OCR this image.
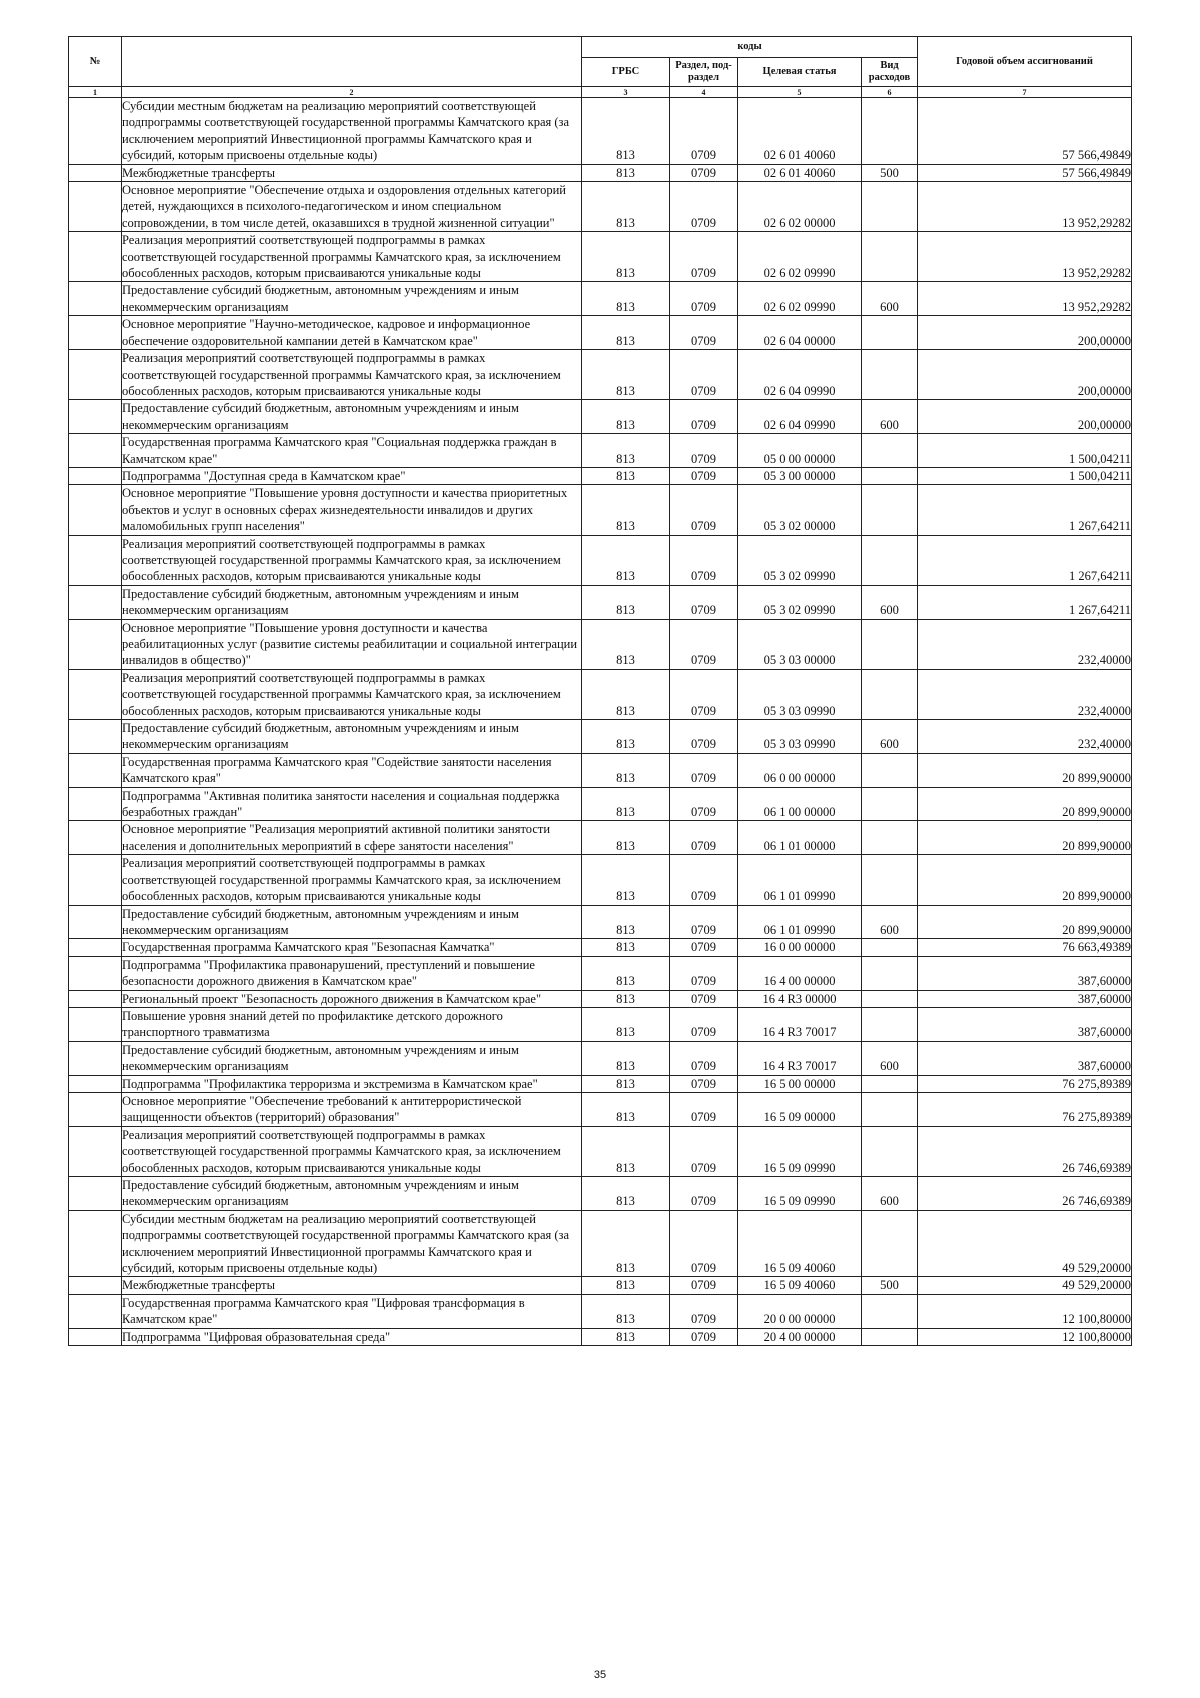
№		коды				Годовой объем ассигнований
		ГРБС	Раздел, под-раздел	Целевая статья	Вид расходов	
1	2	3	4	5	6	7
	Субсидии местным бюджетам на реализацию мероприятий соответствующей подпрограммы соответствующей государственной программы Камчатского края (за исключением мероприятий Инвестиционной программы Камчатского края и субсидий, которым присвоены отдельные коды)	813	0709	02 6 01 40060		57 566,49849
	Межбюджетные трансферты	813	0709	02 6 01 40060	500	57 566,49849
	Основное мероприятие "Обеспечение отдыха и оздоровления отдельных категорий детей, нуждающихся в психолого-педагогическом и ином специальном сопровождении, в том числе детей, оказавшихся в трудной жизненной ситуации"	813	0709	02 6 02 00000		13 952,29282
	Реализация мероприятий соответствующей подпрограммы в рамках соответствующей государственной программы Камчатского края, за исключением обособленных расходов, которым присваиваются уникальные коды	813	0709	02 6 02 09990		13 952,29282
	Предоставление субсидий бюджетным, автономным учреждениям и иным некоммерческим организациям	813	0709	02 6 02 09990	600	13 952,29282
	Основное мероприятие "Научно-методическое, кадровое и информационное обеспечение оздоровительной кампании детей в Камчатском крае"	813	0709	02 6 04 00000		200,00000
	Реализация мероприятий соответствующей подпрограммы в рамках соответствующей государственной программы Камчатского края, за исключением обособленных расходов, которым присваиваются уникальные коды	813	0709	02 6 04 09990		200,00000
	Предоставление субсидий бюджетным, автономным учреждениям и иным некоммерческим организациям	813	0709	02 6 04 09990	600	200,00000
	Государственная программа Камчатского края "Социальная поддержка граждан в Камчатском крае"	813	0709	05 0 00 00000		1 500,04211
	Подпрограмма "Доступная среда в Камчатском крае"	813	0709	05 3 00 00000		1 500,04211
	Основное мероприятие "Повышение уровня доступности и качества приоритетных объектов и услуг в основных сферах жизнедеятельности инвалидов и других маломобильных групп населения"	813	0709	05 3 02 00000		1 267,64211
	Реализация мероприятий соответствующей подпрограммы в рамках соответствующей государственной программы Камчатского края, за исключением обособленных расходов, которым присваиваются уникальные коды	813	0709	05 3 02 09990		1 267,64211
	Предоставление субсидий бюджетным, автономным учреждениям и иным некоммерческим организациям	813	0709	05 3 02 09990	600	1 267,64211
	Основное мероприятие "Повышение уровня доступности и качества реабилитационных услуг (развитие системы реабилитации и социальной интеграции инвалидов в общество)"	813	0709	05 3 03 00000		232,40000
	Реализация мероприятий соответствующей подпрограммы в рамках соответствующей государственной программы Камчатского края, за исключением обособленных расходов, которым присваиваются уникальные коды	813	0709	05 3 03 09990		232,40000
	Предоставление субсидий бюджетным, автономным учреждениям и иным некоммерческим организациям	813	0709	05 3 03 09990	600	232,40000
	Государственная программа Камчатского края "Содействие занятости населения Камчатского края"	813	0709	06 0 00 00000		20 899,90000
	Подпрограмма "Активная политика занятости населения и социальная поддержка безработных граждан"	813	0709	06 1 00 00000		20 899,90000
	Основное мероприятие "Реализация мероприятий активной политики занятости населения и дополнительных мероприятий в сфере занятости населения"	813	0709	06 1 01 00000		20 899,90000
	Реализация мероприятий соответствующей подпрограммы в рамках соответствующей государственной программы Камчатского края, за исключением обособленных расходов, которым присваиваются уникальные коды	813	0709	06 1 01 09990		20 899,90000
	Предоставление субсидий бюджетным, автономным учреждениям и иным некоммерческим организациям	813	0709	06 1 01 09990	600	20 899,90000
	Государственная программа Камчатского края "Безопасная Камчатка"	813	0709	16 0 00 00000		76 663,49389
	Подпрограмма "Профилактика правонарушений, преступлений и повышение безопасности дорожного движения в Камчатском крае"	813	0709	16 4 00 00000		387,60000
	Региональный проект "Безопасность дорожного движения в Камчатском крае"	813	0709	16 4 R3 00000		387,60000
	Повышение уровня знаний детей по профилактике детского дорожного транспортного травматизма	813	0709	16 4 R3 70017		387,60000
	Предоставление субсидий бюджетным, автономным учреждениям и иным некоммерческим организациям	813	0709	16 4 R3 70017	600	387,60000
	Подпрограмма "Профилактика терроризма и экстремизма в Камчатском крае"	813	0709	16 5 00 00000		76 275,89389
	Основное мероприятие "Обеспечение требований к антитеррористической защищенности объектов (территорий) образования"	813	0709	16 5 09 00000		76 275,89389
	Реализация мероприятий соответствующей подпрограммы в рамках соответствующей государственной программы Камчатского края, за исключением обособленных расходов, которым присваиваются уникальные коды	813	0709	16 5 09 09990		26 746,69389
	Предоставление субсидий бюджетным, автономным учреждениям и иным некоммерческим организациям	813	0709	16 5 09 09990	600	26 746,69389
	Субсидии местным бюджетам на реализацию мероприятий соответствующей подпрограммы соответствующей государственной программы Камчатского края (за исключением мероприятий Инвестиционной программы Камчатского края и субсидий, которым присвоены отдельные коды)	813	0709	16 5 09 40060		49 529,20000
	Межбюджетные трансферты	813	0709	16 5 09 40060	500	49 529,20000
	Государственная программа Камчатского края "Цифровая трансформация в Камчатском крае"	813	0709	20 0 00 00000		12 100,80000
	Подпрограмма "Цифровая образовательная среда"	813	0709	20 4 00 00000		12 100,80000
35
